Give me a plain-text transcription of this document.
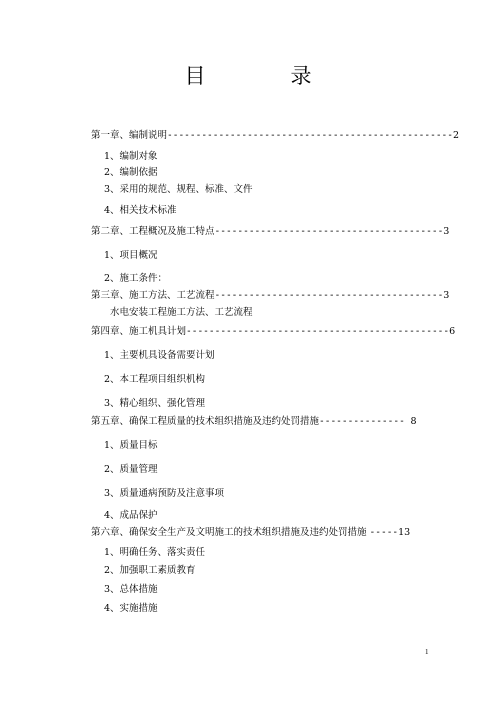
目　录
第一章、编制说明--------------------------------------------------2
1、编制对象
2、编制依据
3、采用的规范、规程、标准、文件
4、相关技术标准
第二章、工程概况及施工特点----------------------------------------3
1、项目概况
2、施工条件：
第三章、施工方法、工艺流程----------------------------------------3
水电安装工程施工方法、工艺流程
第四章、施工机具计划----------------------------------------------6
1、主要机具设备需要计划
2、本工程项目组织机构
3、精心组织、强化管理
第五章、确保工程质量的技术组织措施及违约处罚措施--------------- 8
1、质量目标
2、质量管理
3、质量通病预防及注意事项
4、成品保护
第六章、确保安全生产及文明施工的技术组织措施及违约处罚措施 -----13
1、明确任务、落实责任
2、加强职工素质教育
3、总体措施
4、实施措施
1
